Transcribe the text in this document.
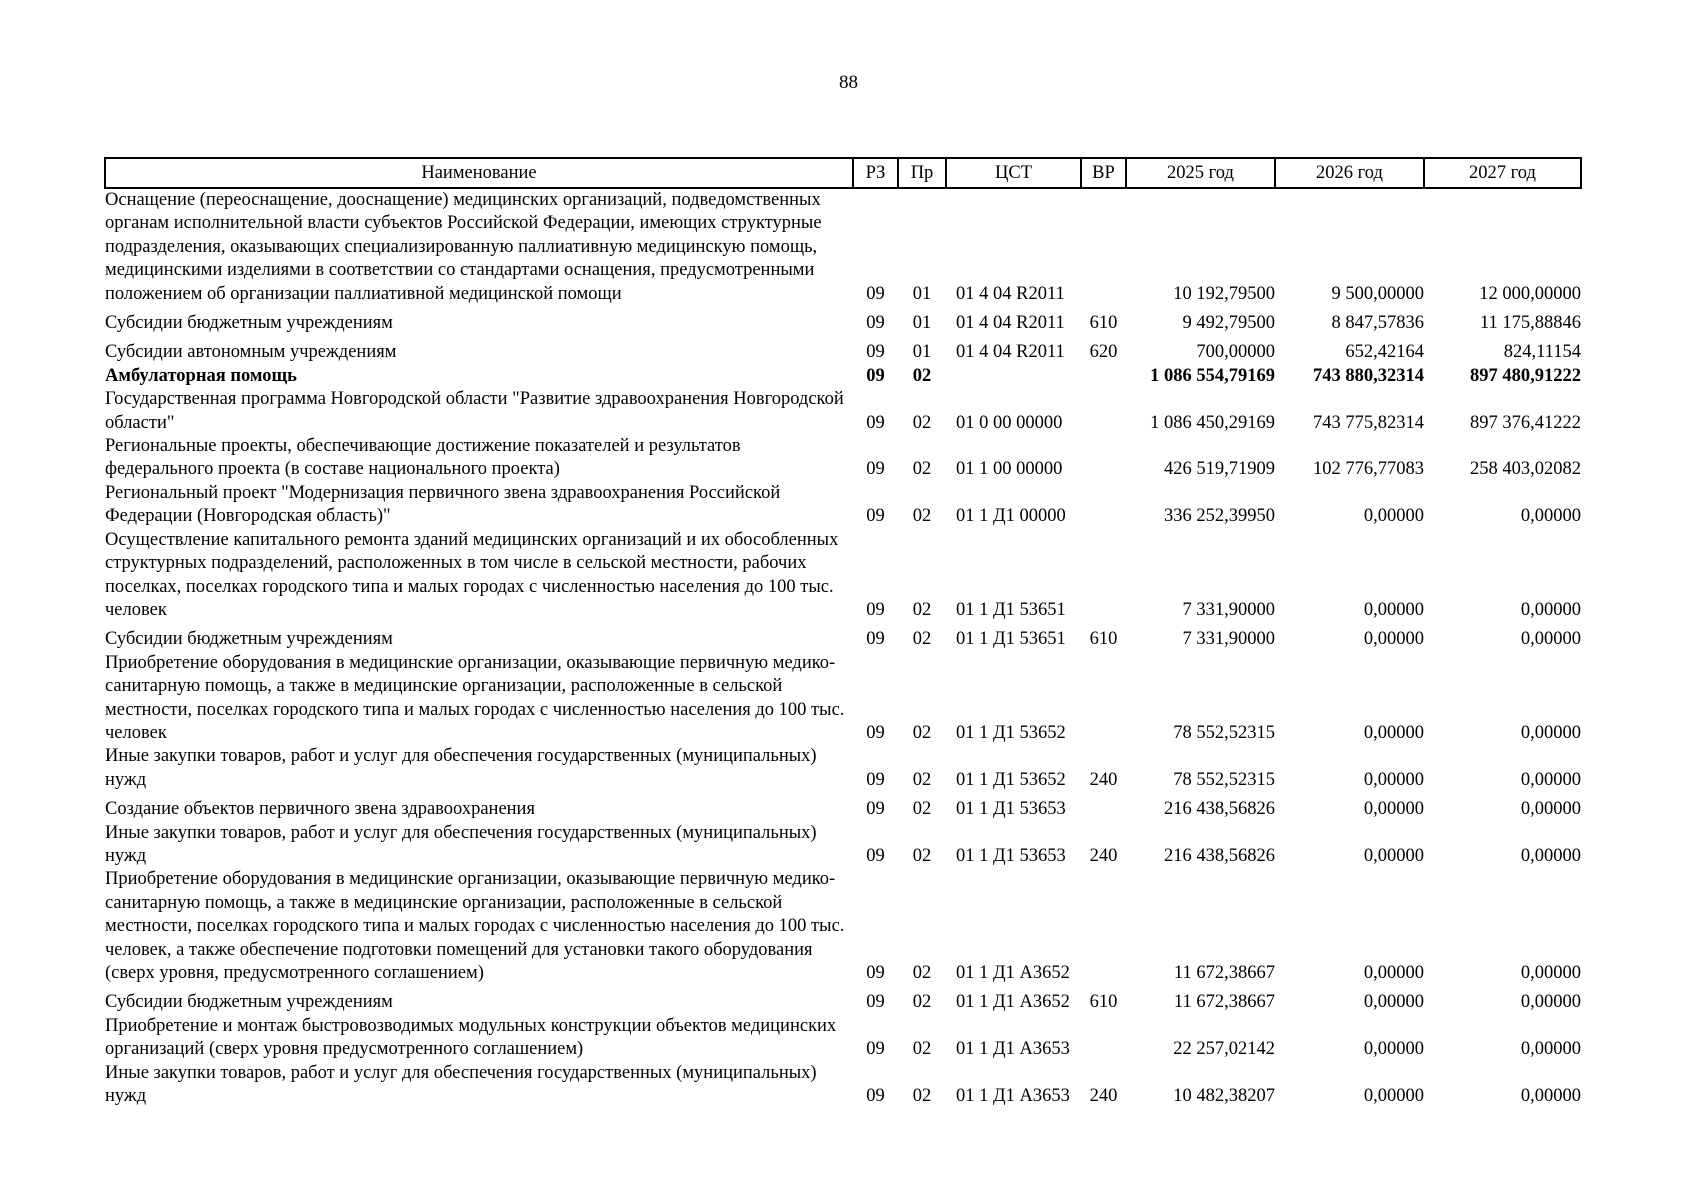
88
Наименование	РЗ	Пр	ЦСТ	ВР	2025 год	2026 год	2027 год
Оснащение (переоснащение, дооснащение) медицинских организаций, подведомственных органам исполнительной власти субъектов Российской Федерации, имеющих структурные подразделения, оказывающих специализированную паллиативную медицинскую помощь, медицинскими изделиями в соответствии со стандартами оснащения, предусмотренными положением об организации паллиативной медицинской помощи	09	01	01 4 04 R2011		10 192,79500	9 500,00000	12 000,00000
Субсидии бюджетным учреждениям	09	01	01 4 04 R2011	610	9 492,79500	8 847,57836	11 175,88846
Субсидии автономным учреждениям	09	01	01 4 04 R2011	620	700,00000	652,42164	824,11154
Амбулаторная помощь	09	02			1 086 554,79169	743 880,32314	897 480,91222
Государственная программа Новгородской области "Развитие здравоохранения Новгородской области"	09	02	01 0 00 00000		1 086 450,29169	743 775,82314	897 376,41222
Региональные проекты, обеспечивающие достижение показателей и результатов федерального проекта (в составе национального проекта)	09	02	01 1 00 00000		426 519,71909	102 776,77083	258 403,02082
Региональный проект "Модернизация первичного звена здравоохранения Российской Федерации (Новгородская область)"	09	02	01 1 Д1 00000		336 252,39950	0,00000	0,00000
Осуществление капитального ремонта зданий медицинских организаций и их обособленных структурных подразделений, расположенных в том числе в сельской местности, рабочих поселках, поселках городского типа и малых городах с численностью населения до 100 тыс. человек	09	02	01 1 Д1 53651		7 331,90000	0,00000	0,00000
Субсидии бюджетным учреждениям	09	02	01 1 Д1 53651	610	7 331,90000	0,00000	0,00000
Приобретение оборудования в медицинские организации, оказывающие первичную медико-санитарную помощь, а также в медицинские организации, расположенные в сельской местности, поселках городского типа и малых городах с численностью населения до 100 тыс. человек	09	02	01 1 Д1 53652		78 552,52315	0,00000	0,00000
Иные закупки товаров, работ и услуг для обеспечения государственных (муниципальных) нужд	09	02	01 1 Д1 53652	240	78 552,52315	0,00000	0,00000
Создание объектов первичного звена здравоохранения	09	02	01 1 Д1 53653		216 438,56826	0,00000	0,00000
Иные закупки товаров, работ и услуг для обеспечения государственных (муниципальных) нужд	09	02	01 1 Д1 53653	240	216 438,56826	0,00000	0,00000
Приобретение оборудования в медицинские организации, оказывающие первичную медико-санитарную помощь, а также в медицинские организации, расположенные в сельской местности, поселках городского типа и малых городах с численностью населения до 100 тыс. человек, а также обеспечение подготовки помещений для установки такого оборудования (сверх уровня, предусмотренного соглашением)	09	02	01 1 Д1 А3652		11 672,38667	0,00000	0,00000
Субсидии бюджетным учреждениям	09	02	01 1 Д1 А3652	610	11 672,38667	0,00000	0,00000
Приобретение и монтаж быстровозводимых модульных конструкции объектов медицинских организаций (сверх уровня предусмотренного соглашением)	09	02	01 1 Д1 А3653		22 257,02142	0,00000	0,00000
Иные закупки товаров, работ и услуг для обеспечения государственных (муниципальных) нужд	09	02	01 1 Д1 А3653	240	10 482,38207	0,00000	0,00000
